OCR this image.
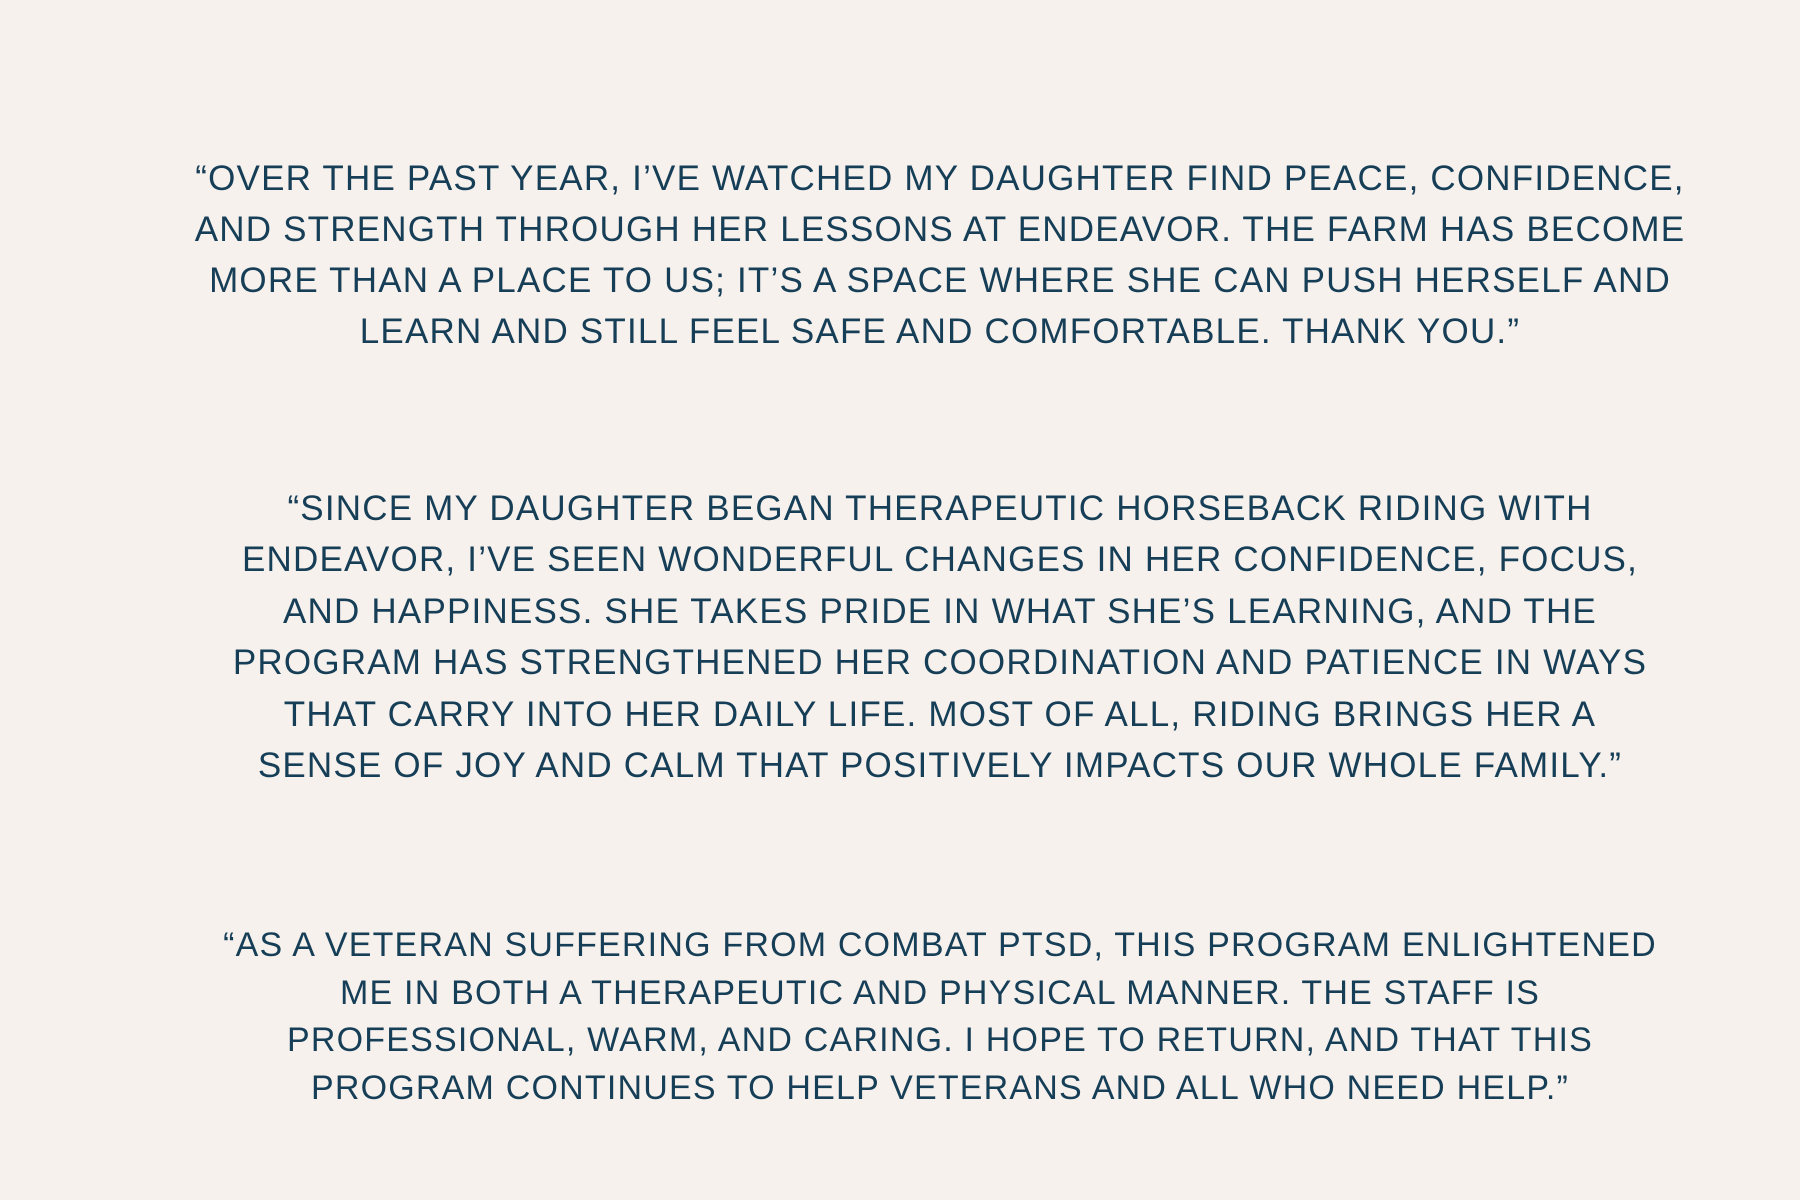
“OVER THE PAST YEAR, I’VE WATCHED MY DAUGHTER FIND PEACE, CONFIDENCE,
AND STRENGTH THROUGH HER LESSONS AT ENDEAVOR. THE FARM HAS BECOME
MORE THAN A PLACE TO US; IT’S A SPACE WHERE SHE CAN PUSH HERSELF AND
LEARN AND STILL FEEL SAFE AND COMFORTABLE. THANK YOU.”
“SINCE MY DAUGHTER BEGAN THERAPEUTIC HORSEBACK RIDING WITH
ENDEAVOR, I’VE SEEN WONDERFUL CHANGES IN HER CONFIDENCE, FOCUS,
AND HAPPINESS. SHE TAKES PRIDE IN WHAT SHE’S LEARNING, AND THE
PROGRAM HAS STRENGTHENED HER COORDINATION AND PATIENCE IN WAYS
THAT CARRY INTO HER DAILY LIFE. MOST OF ALL, RIDING BRINGS HER A
SENSE OF JOY AND CALM THAT POSITIVELY IMPACTS OUR WHOLE FAMILY.”
“AS A VETERAN SUFFERING FROM COMBAT PTSD, THIS PROGRAM ENLIGHTENED
ME IN BOTH A THERAPEUTIC AND PHYSICAL MANNER. THE STAFF IS
PROFESSIONAL, WARM, AND CARING. I HOPE TO RETURN, AND THAT THIS
PROGRAM CONTINUES TO HELP VETERANS AND ALL WHO NEED HELP.”
